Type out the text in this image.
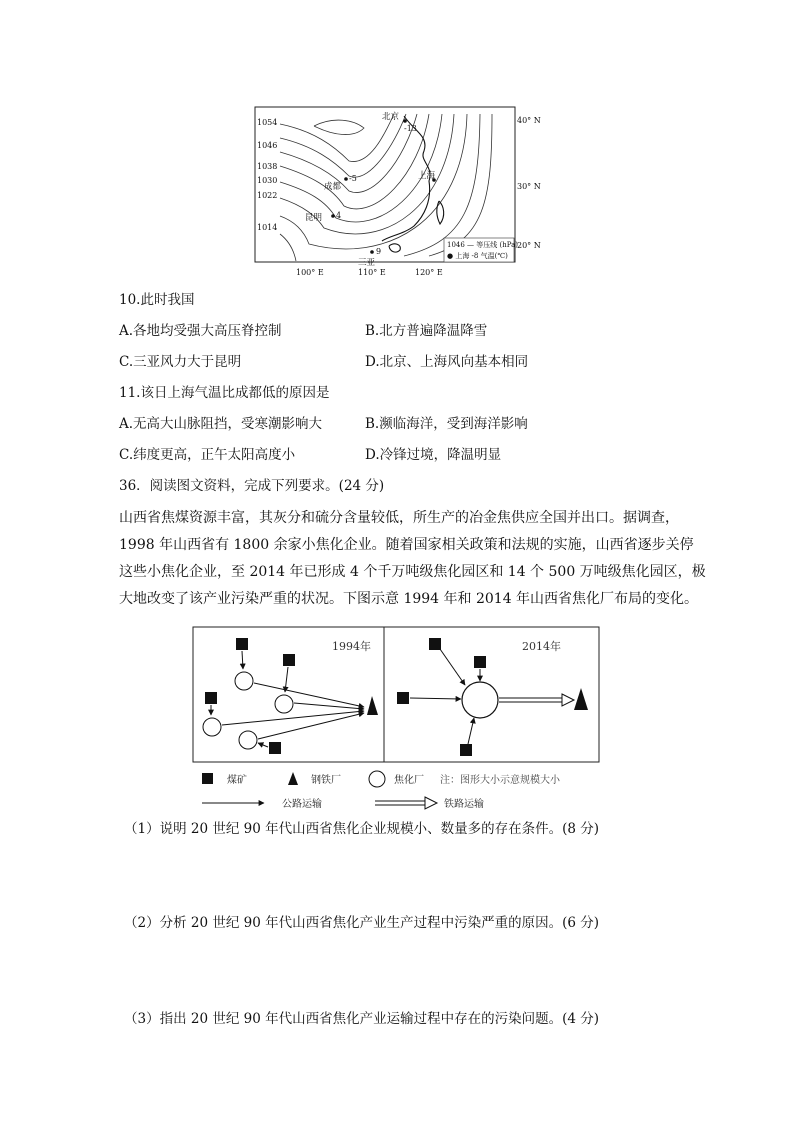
1054
1046
1038
1030
1022
1014
40° N
30° N
20° N
100° E	110° E	120° E
北京
-13
上海
-5
成都
昆明 4
9
三亚
1046 — 等压线 (hPa)
● 上海 -8 气温(℃)
10.此时我国
A.各地均受强大高压脊控制	B.北方普遍降温降雪
C.三亚风力大于昆明	D.北京、上海风向基本相同
11.该日上海气温比成都低的原因是
A.无高大山脉阻挡，受寒潮影响大	B.濒临海洋，受到海洋影响
C.纬度更高，正午太阳高度小	D.冷锋过境，降温明显
36．阅读图文资料，完成下列要求。(24 分)
山西省焦煤资源丰富，其灰分和硫分含量较低，所生产的冶金焦供应全国并出口。据调查，
1998 年山西省有 1800 余家小焦化企业。随着国家相关政策和法规的实施，山西省逐步关停
这些小焦化企业，至 2014 年已形成 4 个千万吨级焦化园区和 14 个 500 万吨级焦化园区，极
大地改变了该产业污染严重的状况。下图示意 1994 年和 2014 年山西省焦化厂布局的变化。
1994年	2014年
煤矿	钢铁厂	焦化厂 注：图形大小示意规模大小
公路运输	铁路运输
（1）说明 20 世纪 90 年代山西省焦化企业规模小、数量多的存在条件。(8 分)
（2）分析 20 世纪 90 年代山西省焦化产业生产过程中污染严重的原因。(6 分)
（3）指出 20 世纪 90 年代山西省焦化产业运输过程中存在的污染问题。(4 分)
